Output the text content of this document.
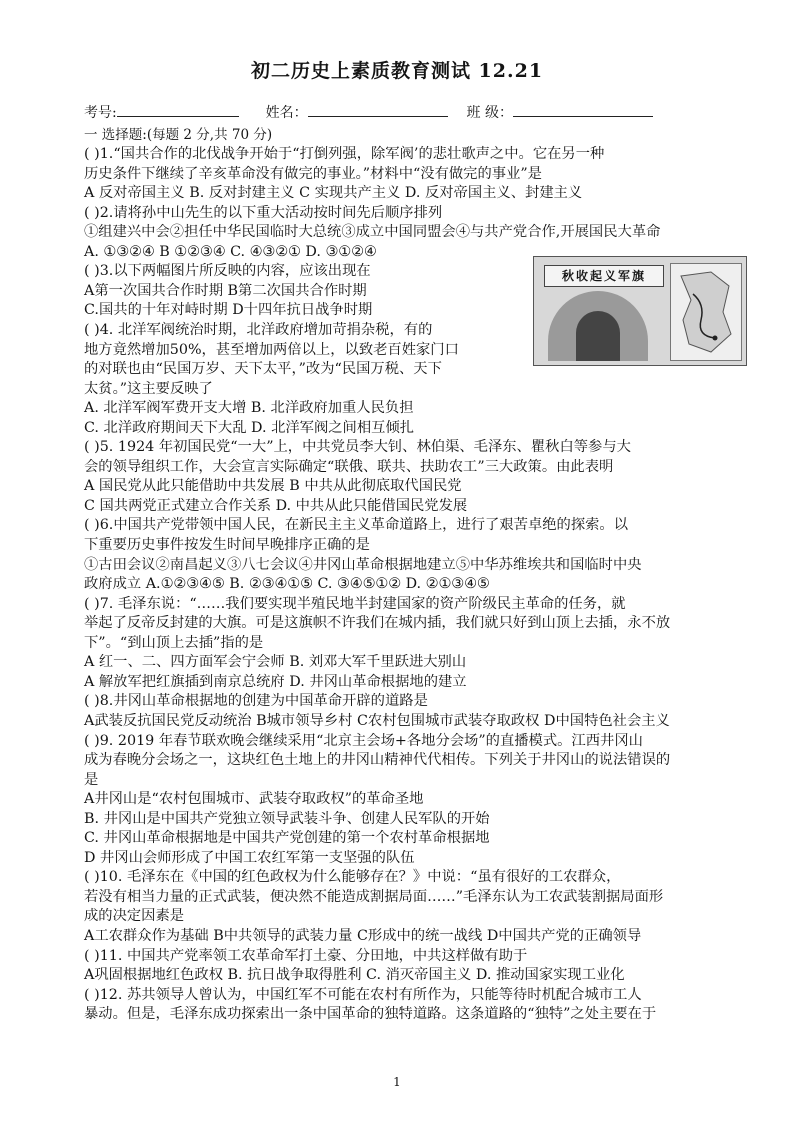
初二历史上素质教育测试 12.21
考号:	姓名：	班 级：
一 选择题:(每题 2 分,共 70 分)
( )1.“国共合作的北伐战争开始于“打倒列强，除军阀’的悲壮歌声之中。它在另一种
历史条件下继续了辛亥革命没有做完的事业。”材料中“没有做完的事业”是
A 反对帝国主义 B. 反对封建主义 C 实现共产主义 D. 反对帝国主义、封建主义
( )2.请将孙中山先生的以下重大活动按时间先后顺序排列
①组建兴中会②担任中华民国临时大总统③成立中国同盟会④与共产党合作,开展国民大革命
A. ①③②④ B ①②③④ C. ④③②① D. ③①②④
( )3.以下两幅图片所反映的内容，应该出现在
A第一次国共合作时期 B第二次国共合作时期
C.国共的十年对峙时期 D十四年抗日战争时期
( )4. 北洋军阀统治时期，北洋政府增加苛捐杂税，有的
地方竟然增加50%，甚至增加两倍以上，以致老百姓家门口
的对联也由“民国万岁、天下太平，”改为“民国万税、天下
太贫。”这主要反映了
A. 北洋军阀军费开支大增 B. 北洋政府加重人民负担
C. 北洋政府期间天下大乱 D. 北洋军阀之间相互倾扎
( )5. 1924 年初国民党“一大”上，中共党员李大钊、林伯渠、毛泽东、瞿秋白等参与大
会的领导组织工作，大会宣言实际确定“联俄、联共、扶助农工”三大政策。由此表明
A 国民党从此只能借助中共发展 B 中共从此彻底取代国民党
C 国共两党正式建立合作关系 D. 中共从此只能借国民党发展
( )6.中国共产党带领中国人民，在新民主主义革命道路上，进行了艰苦卓绝的探索。以
下重要历史事件按发生时间早晚排序正确的是
①古田会议②南昌起义③八七会议④井冈山革命根据地建立⑤中华苏维埃共和国临时中央
政府成立 A.①②③④⑤ B. ②③④①⑤ C. ③④⑤①② D. ②①③④⑤
( )7. 毛泽东说：“……我们要实现半殖民地半封建国家的资产阶级民主革命的任务，就
举起了反帝反封建的大旗。可是这旗帜不许我们在城内插，我们就只好到山顶上去插，永不放
下”。“到山顶上去插”指的是
A 红一、二、四方面军会宁会师 B. 刘邓大军千里跃进大别山
A 解放军把红旗插到南京总统府 D. 井冈山革命根据地的建立
( )8.井冈山革命根据地的创建为中国革命开辟的道路是
A武装反抗国民党反动统治 B城市领导乡村 C农村包围城市武装夺取政权 D中国特色社会主义
( )9. 2019 年春节联欢晚会继续采用“北京主会场+各地分会场”的直播模式。江西井冈山
成为春晚分会场之一，这块红色土地上的井冈山精神代代相传。下列关于井冈山的说法错误的
是
A井冈山是“农村包围城市、武装夺取政权”的革命圣地
B. 井冈山是中国共产党独立领导武装斗争、创建人民军队的开始
C. 井冈山革命根据地是中国共产党创建的第一个农村革命根据地
D 井冈山会师形成了中国工农红军第一支坚强的队伍
( )10. 毛泽东在《中国的红色政权为什么能够存在？》中说：“虽有很好的工农群众，
若没有相当力量的正式武装，便决然不能造成割据局面……”毛泽东认为工农武装割据局面形
成的决定因素是
A工农群众作为基础 B中共领导的武装力量 C形成中的统一战线 D中国共产党的正确领导
( )11. 中国共产党率领工农革命军打土豪、分田地，中共这样做有助于
A巩固根据地红色政权 B. 抗日战争取得胜利 C. 消灭帝国主义 D. 推动国家实现工业化
( )12. 苏共领导人曾认为，中国红军不可能在农村有所作为，只能等待时机配合城市工人
暴动。但是，毛泽东成功探索出一条中国革命的独特道路。这条道路的“独特”之处主要在于
秋收起义军旗
1
